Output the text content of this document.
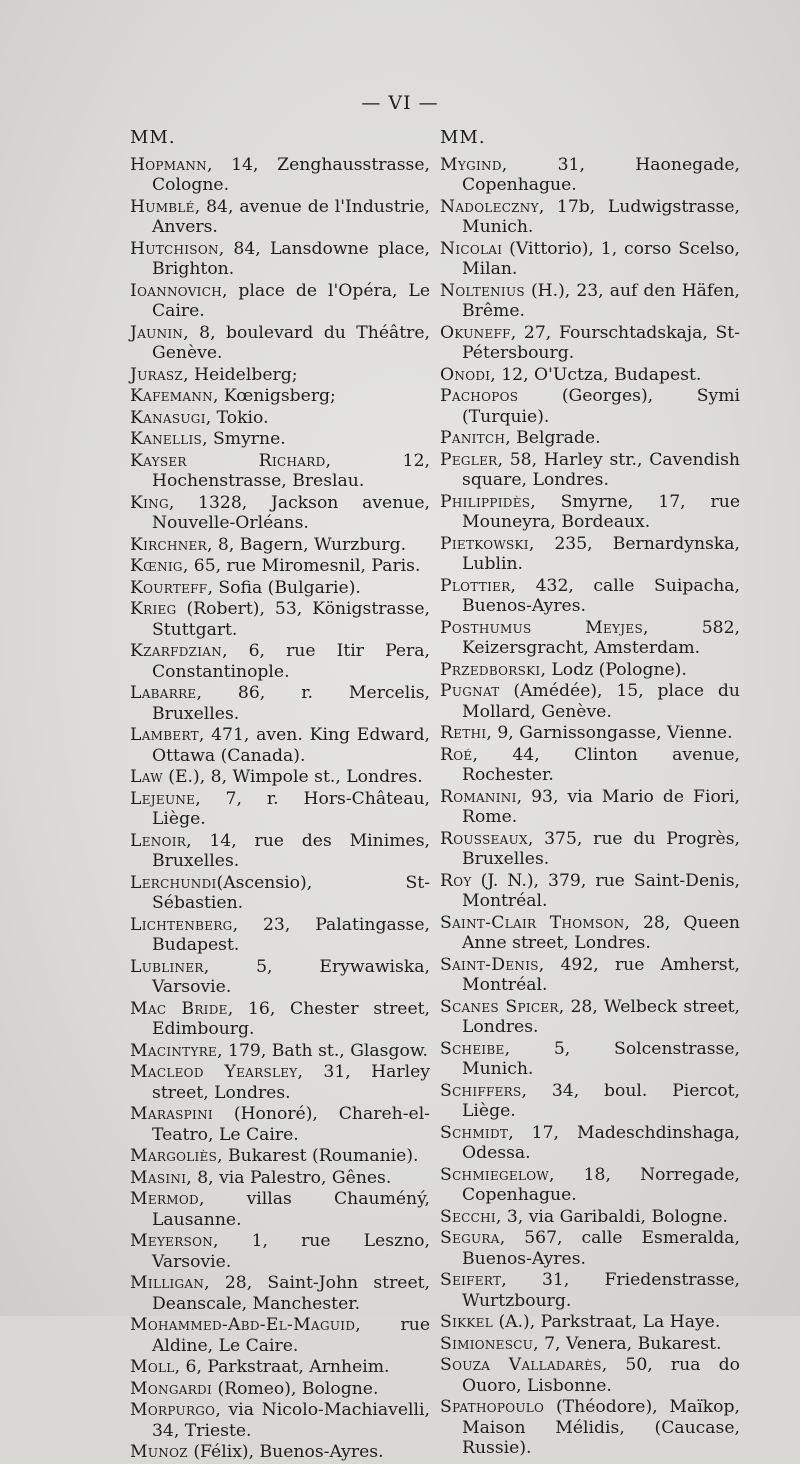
— VI —
MM.
Hopmann, 14, Zenghausstrasse, Cologne.
Humblé, 84, avenue de l'Industrie, Anvers.
Hutchison, 84, Lansdowne place, Brighton.
Ioannovich, place de l'Opéra, Le Caire.
Jaunin, 8, boulevard du Théâtre, Genève.
Jurasz, Heidelberg;
Kafemann, Kœnigsberg;
Kanasugi, Tokio.
Kanellis, Smyrne.
Kayser Richard, 12, Hochenstrasse, Breslau.
King, 1328, Jackson avenue, Nouvelle-Orléans.
Kirchner, 8, Bagern, Wurzburg.
Kœnig, 65, rue Miromesnil, Paris.
Kourteff, Sofia (Bulgarie).
Krieg (Robert), 53, Königstrasse, Stuttgart.
Kzarfdzian, 6, rue Itir Pera, Constantinople.
Labarre, 86, r. Mercelis, Bruxelles.
Lambert, 471, aven. King Edward, Ottawa (Canada).
Law (E.), 8, Wimpole st., Londres.
Lejeune, 7, r. Hors-Château, Liège.
Lenoir, 14, rue des Minimes, Bruxelles.
Lerchundi(Ascensio), St-Sébastien.
Lichtenberg, 23, Palatingasse, Budapest.
Lubliner, 5, Erywawiska, Varsovie.
Mac Bride, 16, Chester street, Edimbourg.
Macintyre, 179, Bath st., Glasgow.
Macleod Yearsley, 31, Harley street, Londres.
Maraspini (Honoré), Chareh-el-Teatro, Le Caire.
Margoliès, Bukarest (Roumanie).
Masini, 8, via Palestro, Gênes.
Mermod, villas Chauméný, Lausanne.
Meyerson, 1, rue Leszno, Varsovie.
Milligan, 28, Saint-John street, Deanscale, Manchester.
Mohammed-Abd-El-Maguid, rue Aldine, Le Caire.
Moll, 6, Parkstraat, Arnheim.
Mongardi (Romeo), Bologne.
Morpurgo, via Nicolo-Machiavelli, 34, Trieste.
Munoz (Félix), Buenos-Ayres.
MM.
Mygind, 31, Haonegade, Copenhague.
Nadoleczny, 17b, Ludwigstrasse, Munich.
Nicolai (Vittorio), 1, corso Scelso, Milan.
Noltenius (H.), 23, auf den Häfen, Brême.
Okuneff, 27, Fourschtadskaja, St-Pétersbourg.
Onodi, 12, O'Uctza, Budapest.
Pachopos (Georges), Symi (Turquie).
Panitch, Belgrade.
Pegler, 58, Harley str., Cavendish square, Londres.
Philippidès, Smyrne, 17, rue Mouneyra, Bordeaux.
Pietkowski, 235, Bernardynska, Lublin.
Plottier, 432, calle Suipacha, Buenos-Ayres.
Posthumus Meyjes, 582, Keizersgracht, Amsterdam.
Przedborski, Lodz (Pologne).
Pugnat (Amédée), 15, place du Mollard, Genève.
Rethi, 9, Garnissongasse, Vienne.
Roé, 44, Clinton avenue, Rochester.
Romanini, 93, via Mario de Fiori, Rome.
Rousseaux, 375, rue du Progrès, Bruxelles.
Roy (J. N.), 379, rue Saint-Denis, Montréal.
Saint-Clair Thomson, 28, Queen Anne street, Londres.
Saint-Denis, 492, rue Amherst, Montréal.
Scanes Spicer, 28, Welbeck street, Londres.
Scheibe, 5, Solcenstrasse, Munich.
Schiffers, 34, boul. Piercot, Liège.
Schmidt, 17, Madeschdinshaga, Odessa.
Schmiegelow, 18, Norregade, Copenhague.
Secchi, 3, via Garibaldi, Bologne.
Segura, 567, calle Esmeralda, Buenos-Ayres.
Seifert, 31, Friedenstrasse, Wurtzbourg.
Sikkel (A.), Parkstraat, La Haye.
Simionescu, 7, Venera, Bukarest.
Souza Valladarès, 50, rua do Ouoro, Lisbonne.
Spathopoulo (Théodore), Maïkop, Maison Mélidis, (Caucase, Russie).
